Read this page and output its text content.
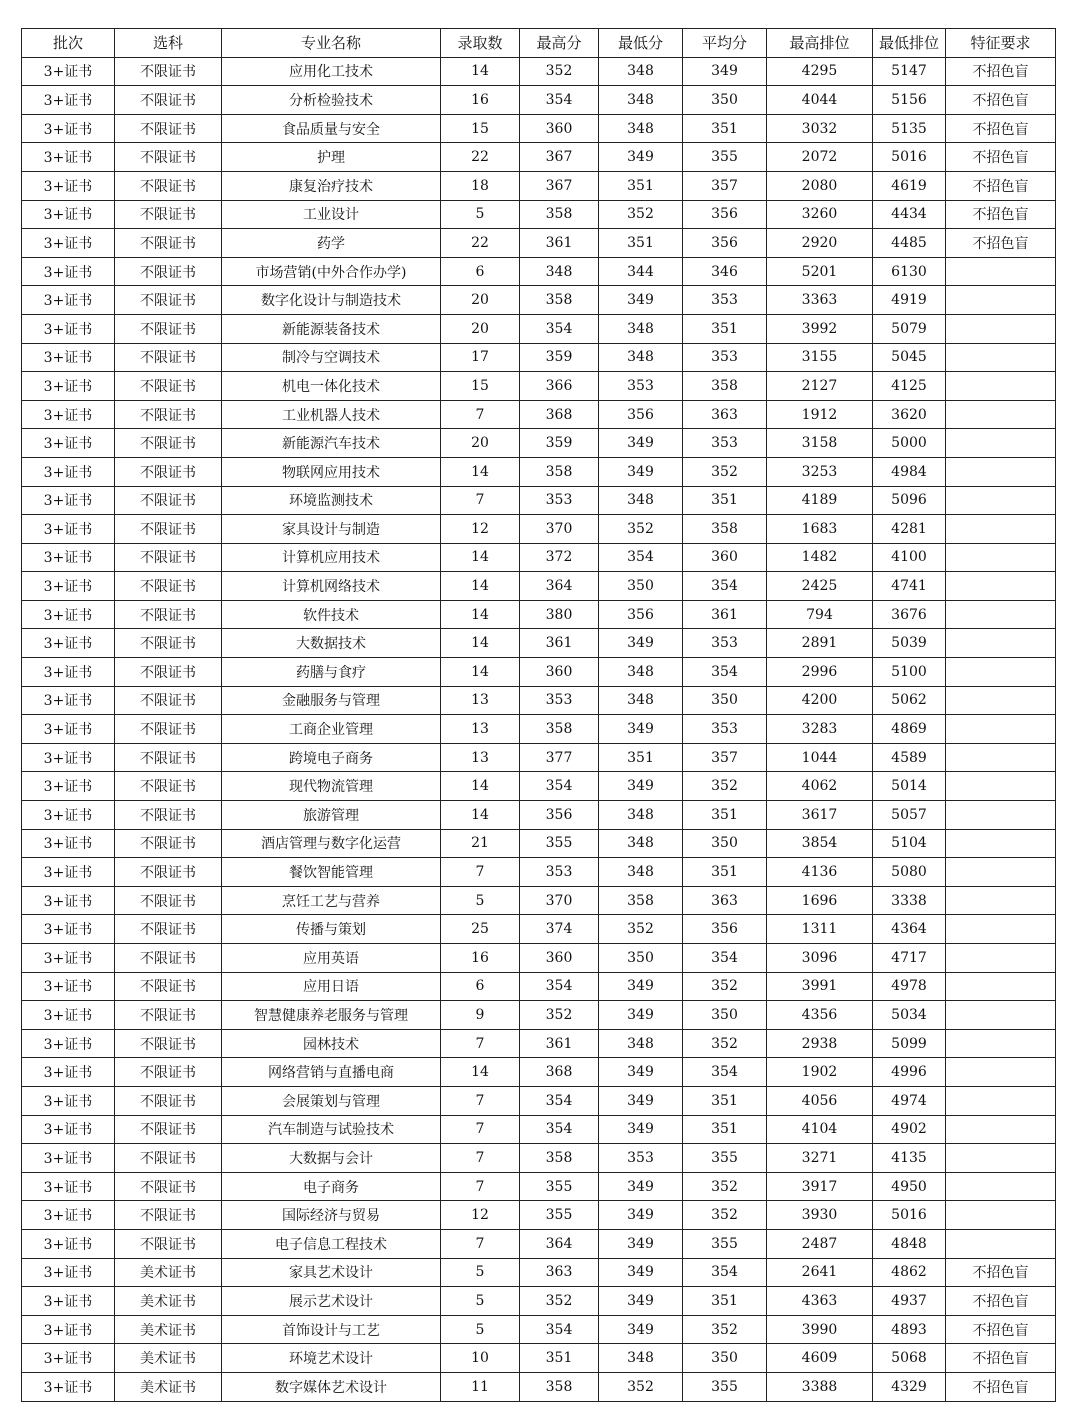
批次	选科	专业名称	录取数	最高分	最低分	平均分	最高排位	最低排位	特征要求
3+证书	不限证书	应用化工技术	14	352	348	349	4295	5147	不招色盲
3+证书	不限证书	分析检验技术	16	354	348	350	4044	5156	不招色盲
3+证书	不限证书	食品质量与安全	15	360	348	351	3032	5135	不招色盲
3+证书	不限证书	护理	22	367	349	355	2072	5016	不招色盲
3+证书	不限证书	康复治疗技术	18	367	351	357	2080	4619	不招色盲
3+证书	不限证书	工业设计	5	358	352	356	3260	4434	不招色盲
3+证书	不限证书	药学	22	361	351	356	2920	4485	不招色盲
3+证书	不限证书	市场营销(中外合作办学)	6	348	344	346	5201	6130	
3+证书	不限证书	数字化设计与制造技术	20	358	349	353	3363	4919	
3+证书	不限证书	新能源装备技术	20	354	348	351	3992	5079	
3+证书	不限证书	制冷与空调技术	17	359	348	353	3155	5045	
3+证书	不限证书	机电一体化技术	15	366	353	358	2127	4125	
3+证书	不限证书	工业机器人技术	7	368	356	363	1912	3620	
3+证书	不限证书	新能源汽车技术	20	359	349	353	3158	5000	
3+证书	不限证书	物联网应用技术	14	358	349	352	3253	4984	
3+证书	不限证书	环境监测技术	7	353	348	351	4189	5096	
3+证书	不限证书	家具设计与制造	12	370	352	358	1683	4281	
3+证书	不限证书	计算机应用技术	14	372	354	360	1482	4100	
3+证书	不限证书	计算机网络技术	14	364	350	354	2425	4741	
3+证书	不限证书	软件技术	14	380	356	361	794	3676	
3+证书	不限证书	大数据技术	14	361	349	353	2891	5039	
3+证书	不限证书	药膳与食疗	14	360	348	354	2996	5100	
3+证书	不限证书	金融服务与管理	13	353	348	350	4200	5062	
3+证书	不限证书	工商企业管理	13	358	349	353	3283	4869	
3+证书	不限证书	跨境电子商务	13	377	351	357	1044	4589	
3+证书	不限证书	现代物流管理	14	354	349	352	4062	5014	
3+证书	不限证书	旅游管理	14	356	348	351	3617	5057	
3+证书	不限证书	酒店管理与数字化运营	21	355	348	350	3854	5104	
3+证书	不限证书	餐饮智能管理	7	353	348	351	4136	5080	
3+证书	不限证书	烹饪工艺与营养	5	370	358	363	1696	3338	
3+证书	不限证书	传播与策划	25	374	352	356	1311	4364	
3+证书	不限证书	应用英语	16	360	350	354	3096	4717	
3+证书	不限证书	应用日语	6	354	349	352	3991	4978	
3+证书	不限证书	智慧健康养老服务与管理	9	352	349	350	4356	5034	
3+证书	不限证书	园林技术	7	361	348	352	2938	5099	
3+证书	不限证书	网络营销与直播电商	14	368	349	354	1902	4996	
3+证书	不限证书	会展策划与管理	7	354	349	351	4056	4974	
3+证书	不限证书	汽车制造与试验技术	7	354	349	351	4104	4902	
3+证书	不限证书	大数据与会计	7	358	353	355	3271	4135	
3+证书	不限证书	电子商务	7	355	349	352	3917	4950	
3+证书	不限证书	国际经济与贸易	12	355	349	352	3930	5016	
3+证书	不限证书	电子信息工程技术	7	364	349	355	2487	4848	
3+证书	美术证书	家具艺术设计	5	363	349	354	2641	4862	不招色盲
3+证书	美术证书	展示艺术设计	5	352	349	351	4363	4937	不招色盲
3+证书	美术证书	首饰设计与工艺	5	354	349	352	3990	4893	不招色盲
3+证书	美术证书	环境艺术设计	10	351	348	350	4609	5068	不招色盲
3+证书	美术证书	数字媒体艺术设计	11	358	352	355	3388	4329	不招色盲
